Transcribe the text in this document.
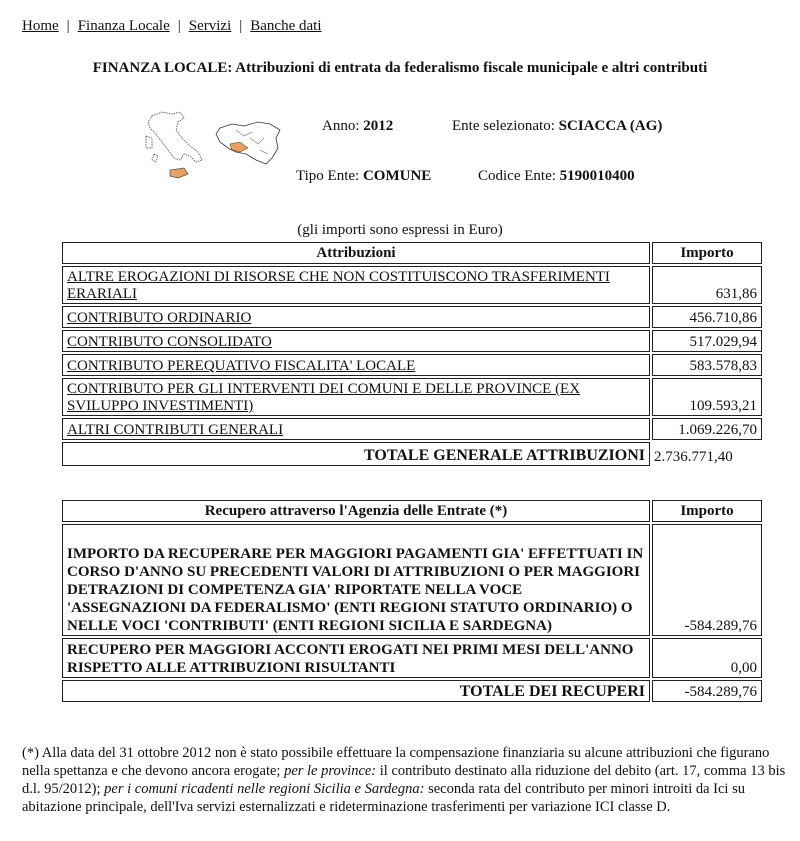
Home | Finanza Locale | Servizi | Banche dati
FINANZA LOCALE: Attribuzioni di entrata da federalismo fiscale municipale e altri contributi
Anno: 2012	Ente selezionato: SCIACCA (AG)
Tipo Ente: COMUNE	Codice Ente: 5190010400
(gli importi sono espressi in Euro)
Attribuzioni	Importo
ALTRE EROGAZIONI DI RISORSE CHE NON COSTITUISCONO TRASFERIMENTI ERARIALI	631,86
CONTRIBUTO ORDINARIO	456.710,86
CONTRIBUTO CONSOLIDATO	517.029,94
CONTRIBUTO PEREQUATIVO FISCALITA' LOCALE	583.578,83
CONTRIBUTO PER GLI INTERVENTI DEI COMUNI E DELLE PROVINCE (EX SVILUPPO INVESTIMENTI)	109.593,21
ALTRI CONTRIBUTI GENERALI	1.069.226,70
TOTALE GENERALE ATTRIBUZIONI	2.736.771,40
Recupero attraverso l'Agenzia delle Entrate (*)	Importo
IMPORTO DA RECUPERARE PER MAGGIORI PAGAMENTI GIA' EFFETTUATI IN CORSO D'ANNO SU PRECEDENTI VALORI DI ATTRIBUZIONI O PER MAGGIORI DETRAZIONI DI COMPETENZA GIA' RIPORTATE NELLA VOCE 'ASSEGNAZIONI DA FEDERALISMO' (ENTI REGIONI STATUTO ORDINARIO) O NELLE VOCI 'CONTRIBUTI' (ENTI REGIONI SICILIA E SARDEGNA)	-584.289,76
RECUPERO PER MAGGIORI ACCONTI EROGATI NEI PRIMI MESI DELL'ANNO RISPETTO ALLE ATTRIBUZIONI RISULTANTI	0,00
TOTALE DEI RECUPERI	-584.289,76
(*) Alla data del 31 ottobre 2012 non è stato possibile effettuare la compensazione finanziaria su alcune attribuzioni che figurano nella spettanza e che devono ancora erogate; per le province: il contributo destinato alla riduzione del debito (art. 17, comma 13 bis d.l. 95/2012); per i comuni ricadenti nelle regioni Sicilia e Sardegna: seconda rata del contributo per minori introiti da Ici su abitazione principale, dell'Iva servizi esternalizzati e rideterminazione trasferimenti per variazione ICI classe D.
